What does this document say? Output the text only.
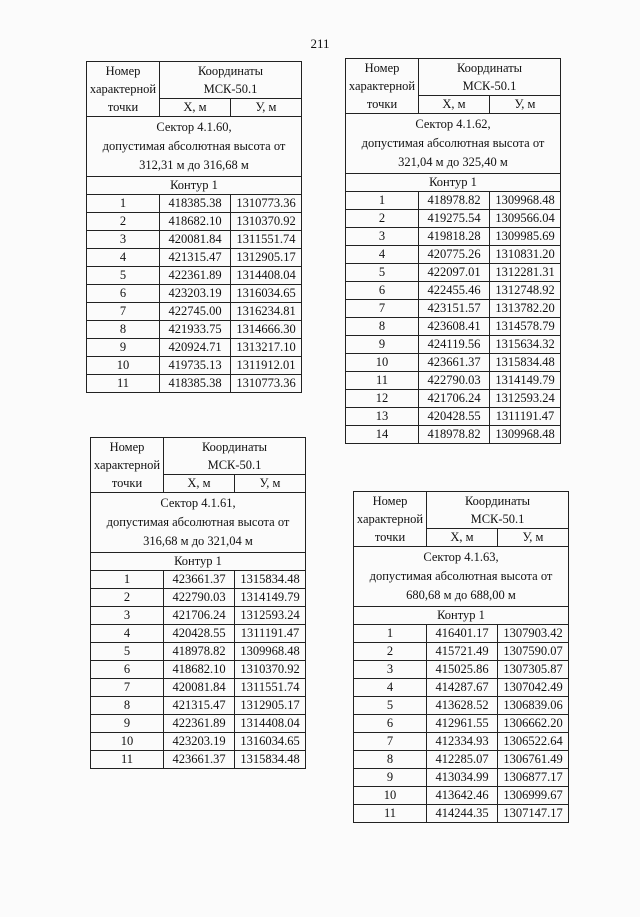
211
Номер
характерной
точки	Координаты
МСК-50.1	
	Х, м	У, м
Сектор 4.1.60,
допустимая абсолютная высота от
312,31 м до 316,68 м		
Контур 1		
1	418385.38	1310773.36
2	418682.10	1310370.92
3	420081.84	1311551.74
4	421315.47	1312905.17
5	422361.89	1314408.04
6	423203.19	1316034.65
7	422745.00	1316234.81
8	421933.75	1314666.30
9	420924.71	1313217.10
10	419735.13	1311912.01
11	418385.38	1310773.36
Номер
характерной
точки	Координаты
МСК-50.1	
	Х, м	У, м
Сектор 4.1.62,
допустимая абсолютная высота от
321,04 м до 325,40 м		
Контур 1		
1	418978.82	1309968.48
2	419275.54	1309566.04
3	419818.28	1309985.69
4	420775.26	1310831.20
5	422097.01	1312281.31
6	422455.46	1312748.92
7	423151.57	1313782.20
8	423608.41	1314578.79
9	424119.56	1315634.32
10	423661.37	1315834.48
11	422790.03	1314149.79
12	421706.24	1312593.24
13	420428.55	1311191.47
14	418978.82	1309968.48
Номер
характерной
точки	Координаты
МСК-50.1	
	Х, м	У, м
Сектор 4.1.61,
допустимая абсолютная высота от
316,68 м до 321,04 м		
Контур 1		
1	423661.37	1315834.48
2	422790.03	1314149.79
3	421706.24	1312593.24
4	420428.55	1311191.47
5	418978.82	1309968.48
6	418682.10	1310370.92
7	420081.84	1311551.74
8	421315.47	1312905.17
9	422361.89	1314408.04
10	423203.19	1316034.65
11	423661.37	1315834.48
Номер
характерной
точки	Координаты
МСК-50.1	
	Х, м	У, м
Сектор 4.1.63,
допустимая абсолютная высота от
680,68 м до 688,00 м		
Контур 1		
1	416401.17	1307903.42
2	415721.49	1307590.07
3	415025.86	1307305.87
4	414287.67	1307042.49
5	413628.52	1306839.06
6	412961.55	1306662.20
7	412334.93	1306522.64
8	412285.07	1306761.49
9	413034.99	1306877.17
10	413642.46	1306999.67
11	414244.35	1307147.17
